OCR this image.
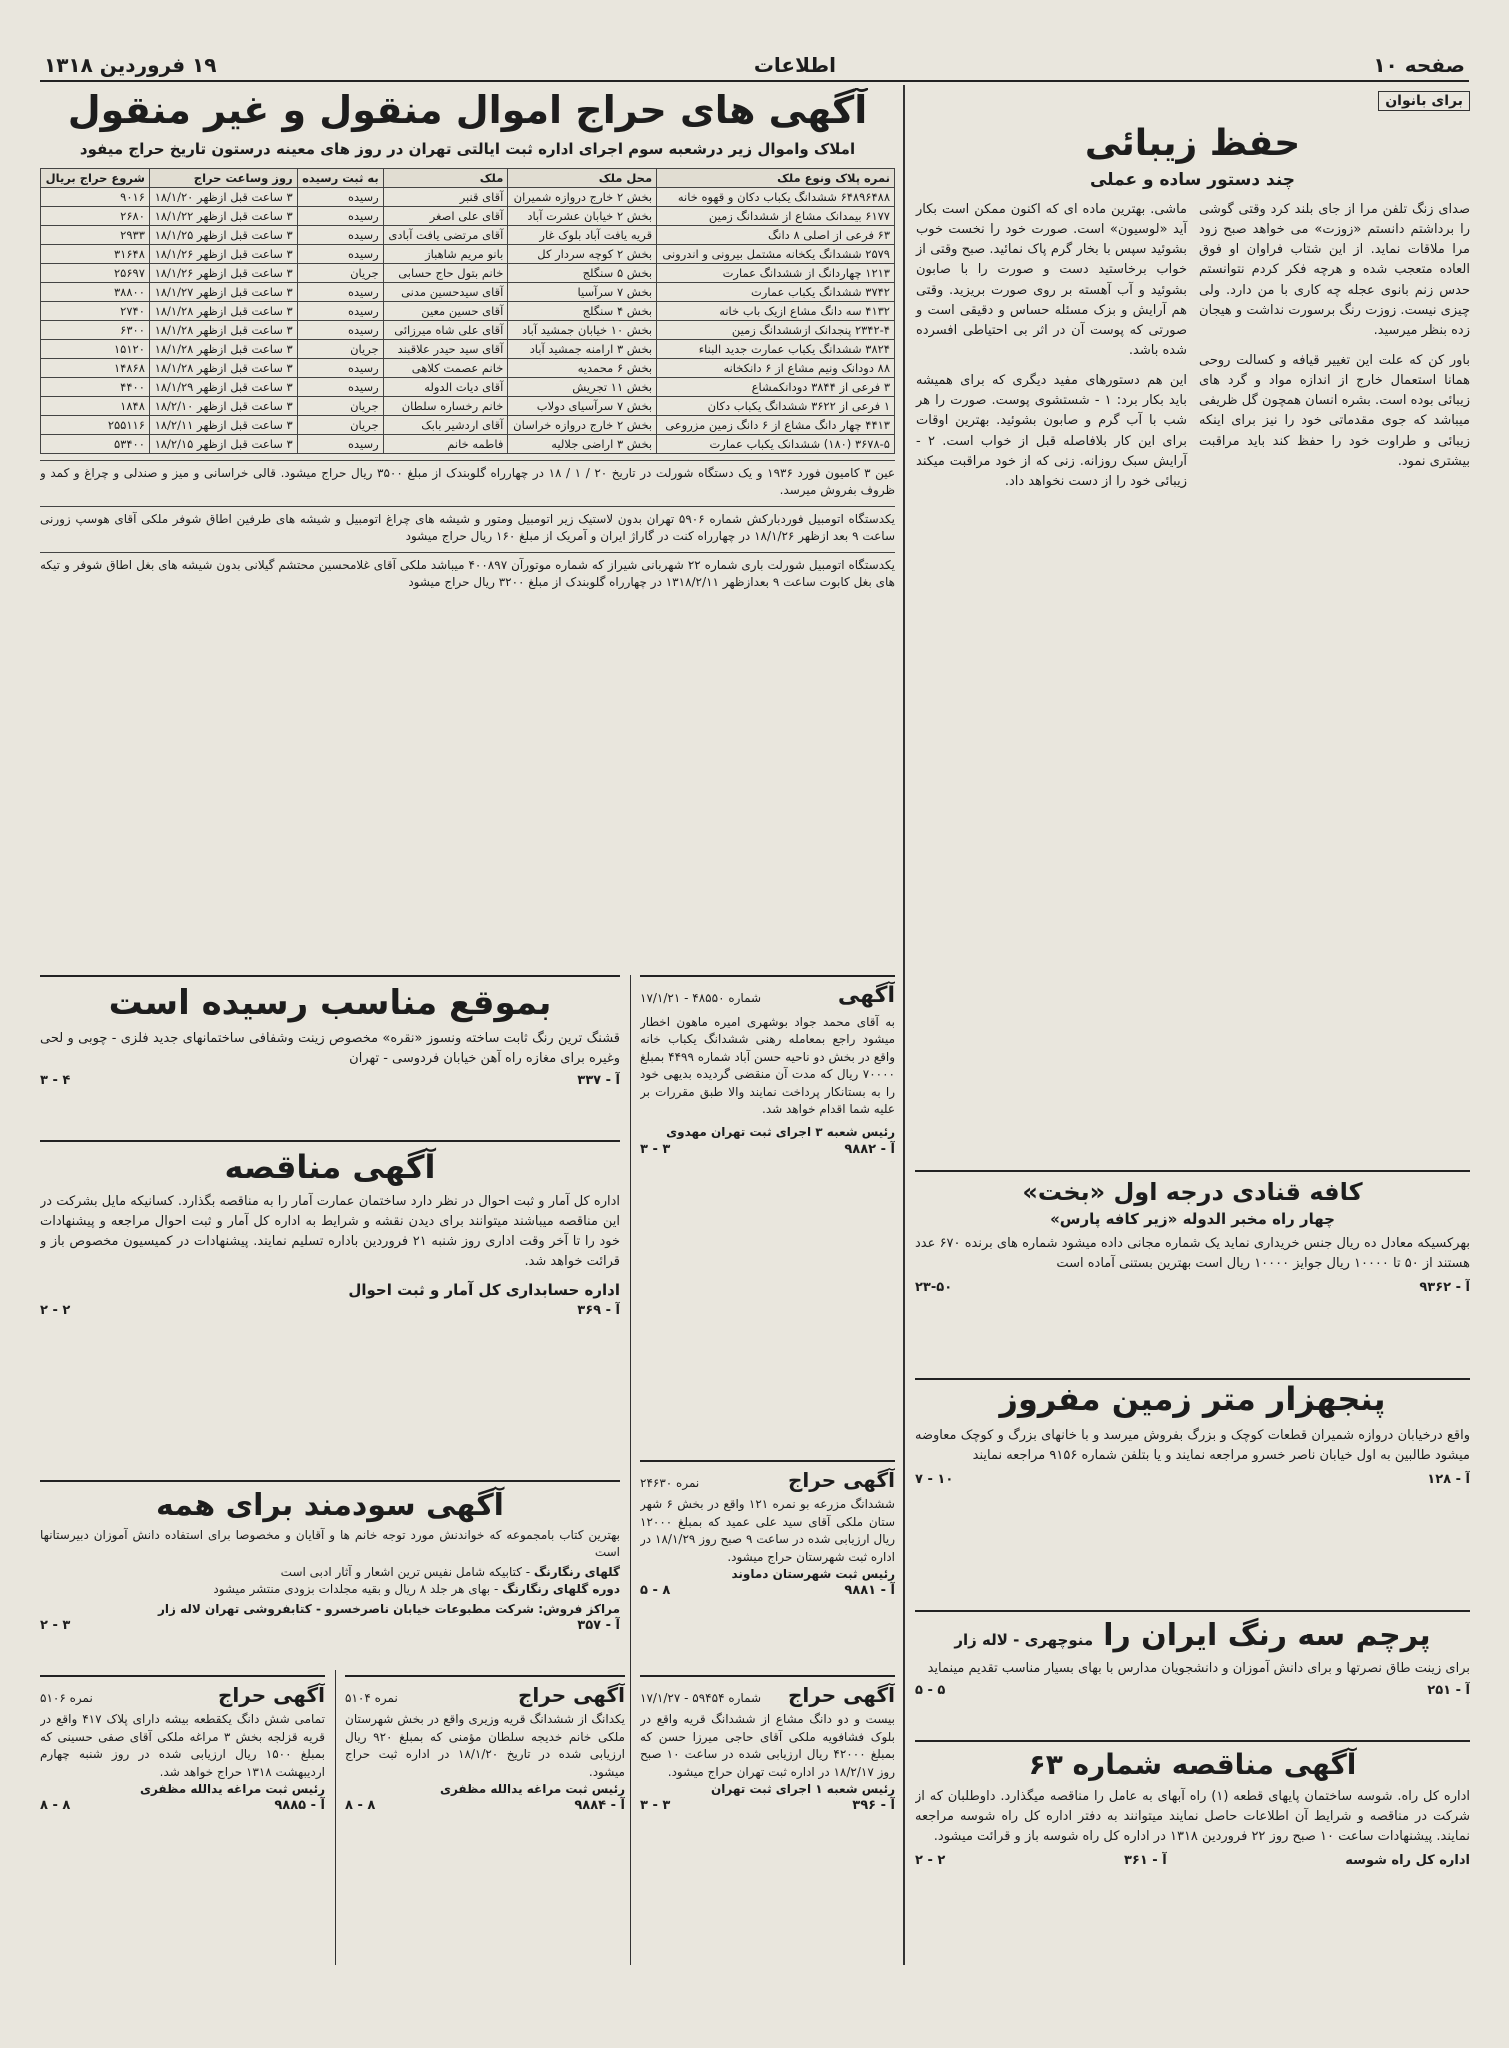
صفحه ۱۰
اطلاعات
۱۹ فروردین ۱۳۱۸
برای بانوان
حفظ زیبائی
چند دستور ساده و عملی

صدای زنگ تلفن مرا از جای بلند کرد وقتی گوشی را برداشتم دانستم «زوزت» می خواهد صبح زود مرا ملاقات نماید. از این شتاب فراوان او فوق العاده متعجب شده و هرچه فکر کردم نتوانستم حدس زنم بانوی عجله چه کاری با من دارد. ولی چیزی نیست. زوزت رنگ برسورت نداشت و هیجان زده بنظر میرسید.

باور کن که علت این تغییر قیافه و کسالت روحی همانا استعمال خارج از اندازه مواد و گرد های زیبائی بوده است. بشره انسان همچون گل ظریفی میباشد که جوی مقدماتی خود را نیز برای اینکه زیبائی و طراوت خود را حفظ کند باید مراقبت بیشتری نمود.

ماشی. بهترین ماده ای که اکنون ممکن است بکار آید «لوسیون» است. صورت خود را نخست خوب بشوئید سپس با بخار گرم پاک نمائید. صبح وقتی از خواب برخاستید دست و صورت را با صابون بشوئید و آب آهسته بر روی صورت بریزید. وقتی هم آرایش و بزک مسئله حساس و دقیقی است و صورتی که پوست آن در اثر بی احتیاطی افسرده شده باشد.

این هم دستورهای مفید دیگری که برای همیشه باید بکار برد: ۱ - شستشوی پوست. صورت را هر شب با آب گرم و صابون بشوئید. بهترین اوقات برای این کار بلافاصله قبل از خواب است. ۲ - آرایش سبک روزانه. زنی که از خود مراقبت میکند زیبائی خود را از دست نخواهد داد.

کافه قنادی درجه اول «بخت»
چهار راه مخبر الدوله «زیر کافه پارس»
بهرکسیکه معادل ده ریال جنس خریداری نماید یک شماره مجانی داده میشود شماره های برنده ۶۷۰ عدد هستند از ۵۰ تا ۱۰۰۰۰ ریال جوایز ۱۰۰۰۰ ریال است بهترین بستنی آماده است
آ - ۹۳۶۲
۲۳-۵۰
پنجهزار متر زمین مفروز
واقع درخیابان دروازه شمیران قطعات کوچک و بزرگ بفروش میرسد و با خانهای بزرگ و کوچک معاوضه میشود طالبین به اول خیابان ناصر خسرو مراجعه نمایند و یا بتلفن شماره ۹۱۵۶ مراجعه نمایند
آ - ۱۲۸
۱۰ - ۷
پرچم سه رنگ ایران را
منوچهری - لاله زار
برای زینت طاق نصرتها و برای دانش آموزان و دانشجویان مدارس با بهای بسیار مناسب تقدیم مینماید
آ - ۲۵۱
۵ - ۵
آگهی مناقصه شماره ۶۳
اداره کل راه. شوسه ساختمان پایهای قطعه (۱) راه آبهای به عامل را مناقصه میگذارد. داوطلبان که از شرکت در مناقصه و شرایط آن اطلاعات حاصل نمایند میتوانند به دفتر اداره کل راه شوسه مراجعه نمایند. پیشنهادات ساعت ۱۰ صبح روز ۲۲ فروردین ۱۳۱۸ در اداره کل راه شوسه باز و قرائت میشود.
اداره کل راه شوسه
آ - ۳۶۱
۲ - ۲
آگهی های حراج اموال منقول و غیر منقول
املاک واموال زیر درشعبه سوم اجرای اداره ثبت ایالتی تهران در روز های معینه درستون تاریخ حراج میفود
نمره پلاک ونوع ملک	محل ملک	ملک	به ثبت رسیده	روز وساعت حراج	شروع حراج بریال
۶۴۸۹۶۴۸۸ ششدانگ یکباب دکان و قهوه خانه	بخش ۲ خارج دروازه شمیران	آقای قنبر	رسیده	۳ ساعت قبل ازظهر ۱۸/۱/۲۰	۹۰۱۶
۶۱۷۷ بیمدانک مشاع از ششدانگ زمین	بخش ۲ خیابان عشرت آباد	آقای علی اصغر	رسیده	۳ ساعت قبل ازظهر ۱۸/۱/۲۲	۲۶۸۰
۶۳ فرعی از اصلی ۸ دانگ	قریه یافت آباد بلوک غار	آقای مرتضی یافت آبادی	رسیده	۳ ساعت قبل ازظهر ۱۸/۱/۲۵	۲۹۳۳
۲۵۷۹ ششدانگ یکخانه مشتمل بیرونی و اندرونی	بخش ۲ کوچه سردار کل	بانو مریم شاهباز	رسیده	۳ ساعت قبل ازظهر ۱۸/۱/۲۶	۳۱۶۴۸
۱۲۱۳ چهاردانگ از ششدانگ عمارت	بخش ۵ سنگلج	خانم بتول حاج حسابی	جریان	۳ ساعت قبل ازظهر ۱۸/۱/۲۶	۲۵۶۹۷
۳۷۴۲ ششدانگ یکباب عمارت	بخش ۷ سرآسیا	آقای سیدحسین مدنی	رسیده	۳ ساعت قبل ازظهر ۱۸/۱/۲۷	۳۸۸۰۰
۴۱۳۲ سه دانگ مشاع ازیک باب خانه	بخش ۴ سنگلج	آقای حسین معین	رسیده	۳ ساعت قبل ازظهر ۱۸/۱/۲۸	۲۷۴۰
۲۳۴۲-۴ پنجدانک ازششدانگ زمین	بخش ۱۰ خیابان جمشید آباد	آقای علی شاه میرزائی	رسیده	۳ ساعت قبل ازظهر ۱۸/۱/۲۸	۶۳۰۰
۳۸۲۴ ششدانگ یکباب عمارت جدید البناء	بخش ۳ ارامنه جمشید آباد	آقای سید حیدر علاقبند	جریان	۳ ساعت قبل ازظهر ۱۸/۱/۲۸	۱۵۱۲۰
۸۸ دودانک ونیم مشاع از ۶ دانکخانه	بخش ۶ محمدیه	خانم عصمت کلاهی	رسیده	۳ ساعت قبل ازظهر ۱۸/۱/۲۸	۱۴۸۶۸
۳ فرعی از ۳۸۴۴ دودانکمشاع	بخش ۱۱ تجریش	آقای دیات الدوله	رسیده	۳ ساعت قبل ازظهر ۱۸/۱/۲۹	۴۴۰۰
۱ فرعی از ۳۶۲۲ ششدانگ یکباب دکان	بخش ۷ سرآسیای دولاب	خانم رخساره سلطان	جریان	۳ ساعت قبل ازظهر ۱۸/۲/۱۰	۱۸۴۸
۴۴۱۳ چهار دانگ مشاع از ۶ دانگ زمین مزروعی	بخش ۲ خارج دروازه خراسان	آقای اردشیر بابک	جریان	۳ ساعت قبل ازظهر ۱۸/۲/۱۱	۲۵۵۱۱۶
۳۶۷۸-۵ (۱۸۰) ششدانک یکباب عمارت	بخش ۳ اراضی جلالیه	فاطمه خانم	رسیده	۳ ساعت قبل ازظهر ۱۸/۲/۱۵	۵۳۴۰۰
عین ۳ کامیون فورد ۱۹۳۶ و یک دستگاه شورلت در تاریخ ۲۰ / ۱ / ۱۸ در چهارراه گلوبندک از مبلغ ۳۵۰۰ ریال حراج میشود. قالی خراسانی و میز و صندلی و چراغ و کمد و ظروف بفروش میرسد.
یکدستگاه اتومبیل فوردبارکش شماره ۵۹۰۶ تهران بدون لاستیک زیر اتومبیل ومتور و شیشه های چراغ اتومبیل و شیشه های طرفین اطاق شوفر ملکی آقای هوسپ زورنی ساعت ۹ بعد ازظهر ۱۸/۱/۲۶ در چهارراه کنت در گاراژ ایران و آمریک از مبلغ ۱۶۰ ریال حراج میشود
یکدستگاه اتومبیل شورلت باری شماره ۲۲ شهربانی شیراز که شماره موتورآن ۴۰۰۸۹۷ میباشد ملکی آقای غلامحسین محتشم گیلانی بدون شیشه های بغل اطاق شوفر و تیکه های بغل کابوت ساعت ۹ بعدازظهر ۱۳۱۸/۲/۱۱ در چهارراه گلوبندک از مبلغ ۳۲۰۰ ریال حراج میشود
بموقع مناسب رسیده است
قشنگ ترین رنگ ثابت ساخته ونسوز «نقره» مخصوص زینت وشفافی ساختمانهای جدید فلزی - چوبی و لحی وغیره برای مغازه راه آهن خیابان فردوسی - تهران
آ - ۳۳۷
۴ - ۳
آگهی مناقصه
اداره کل آمار و ثبت احوال در نظر دارد ساختمان عمارت آمار را به مناقصه بگذارد. کسانیکه مایل بشرکت در این مناقصه میباشند میتوانند برای دیدن نقشه و شرایط به اداره کل آمار و ثبت احوال مراجعه و پیشنهادات خود را تا آخر وقت اداری روز شنبه ۲۱ فروردین باداره تسلیم نمایند. پیشنهادات در کمیسیون مخصوص باز و قرائت خواهد شد.
اداره حسابداری کل آمار و ثبت احوال
آ - ۳۶۹
۲ - ۲
آگهی سودمند برای همه
بهترین کتاب بامجموعه که خواندنش مورد توجه خانم ها و آقایان و مخصوصا برای استفاده دانش آموزان دبیرستانها است
گلهای رنگارنگ - کتابیکه شامل نفیس ترین اشعار و آثار ادبی است
دوره گلهای رنگارنگ - بهای هر جلد ۸ ریال و بقیه مجلدات بزودی منتشر میشود
مراکز فروش: شرکت مطبوعات خیابان ناصرخسرو - کتابفروشی تهران لاله زار
آ - ۳۵۷
۳ - ۲
آگهی
شماره ۴۸۵۵۰ - ۱۷/۱/۲۱
به آقای محمد جواد بوشهری امیره ماهون اخطار میشود راجع بمعامله رهنی ششدانگ یکباب خانه واقع در بخش دو ناحیه حسن آباد شماره ۴۴۹۹ بمبلغ ۷۰۰۰۰ ریال که مدت آن منقضی گردیده بدیهی خود را به بستانکار پرداخت نمایند والا طبق مقررات بر علیه شما اقدام خواهد شد.
رئیس شعبه ۳ اجرای ثبت تهران مهدوی
آ - ۹۸۸۲
۳ - ۳
آگهی حراج
نمره ۲۴۶۳۰
ششدانگ مزرعه بو نمره ۱۲۱ واقع در بخش ۶ شهر ستان ملکی آقای سید علی عمید که بمبلغ ۱۲۰۰۰ ریال ارزیابی شده در ساعت ۹ صبح روز ۱۸/۱/۲۹ در اداره ثبت شهرستان حراج میشود.
رئیس ثبت شهرستان دماوند
آ - ۹۸۸۱
۸ - ۵
آگهی حراج
شماره ۵۹۴۵۴ - ۱۷/۱/۲۷
بیست و دو دانگ مشاع از ششدانگ قریه واقع در بلوک فشافویه ملکی آقای حاجی میرزا حسن که بمبلغ ۴۲۰۰۰ ریال ارزیابی شده در ساعت ۱۰ صبح روز ۱۸/۲/۱۷ در اداره ثبت تهران حراج میشود.
رئیس شعبه ۱ اجرای ثبت تهران
آ - ۳۹۶
۳ - ۳
آگهی حراج
نمره ۵۱۰۴
یکدانگ از ششدانگ قریه وزیری واقع در بخش شهرستان ملکی خانم خدیجه سلطان مؤمنی که بمبلغ ۹۲۰ ریال ارزیابی شده در تاریخ ۱۸/۱/۲۰ در اداره ثبت حراج میشود.
رئیس ثبت مراغه یدالله مظفری
آ - ۹۸۸۴
۸ - ۸
آگهی حراج
نمره ۵۱۰۶
تمامی شش دانگ یکقطعه بیشه دارای پلاک ۴۱۷ واقع در قریه قزلجه بخش ۳ مراغه ملکی آقای صفی حسینی که بمبلغ ۱۵۰۰ ریال ارزیابی شده در روز شنبه چهارم اردیبهشت ۱۳۱۸ حراج خواهد شد.
رئیس ثبت مراغه یدالله مظفری
آ - ۹۸۸۵
۸ - ۸
